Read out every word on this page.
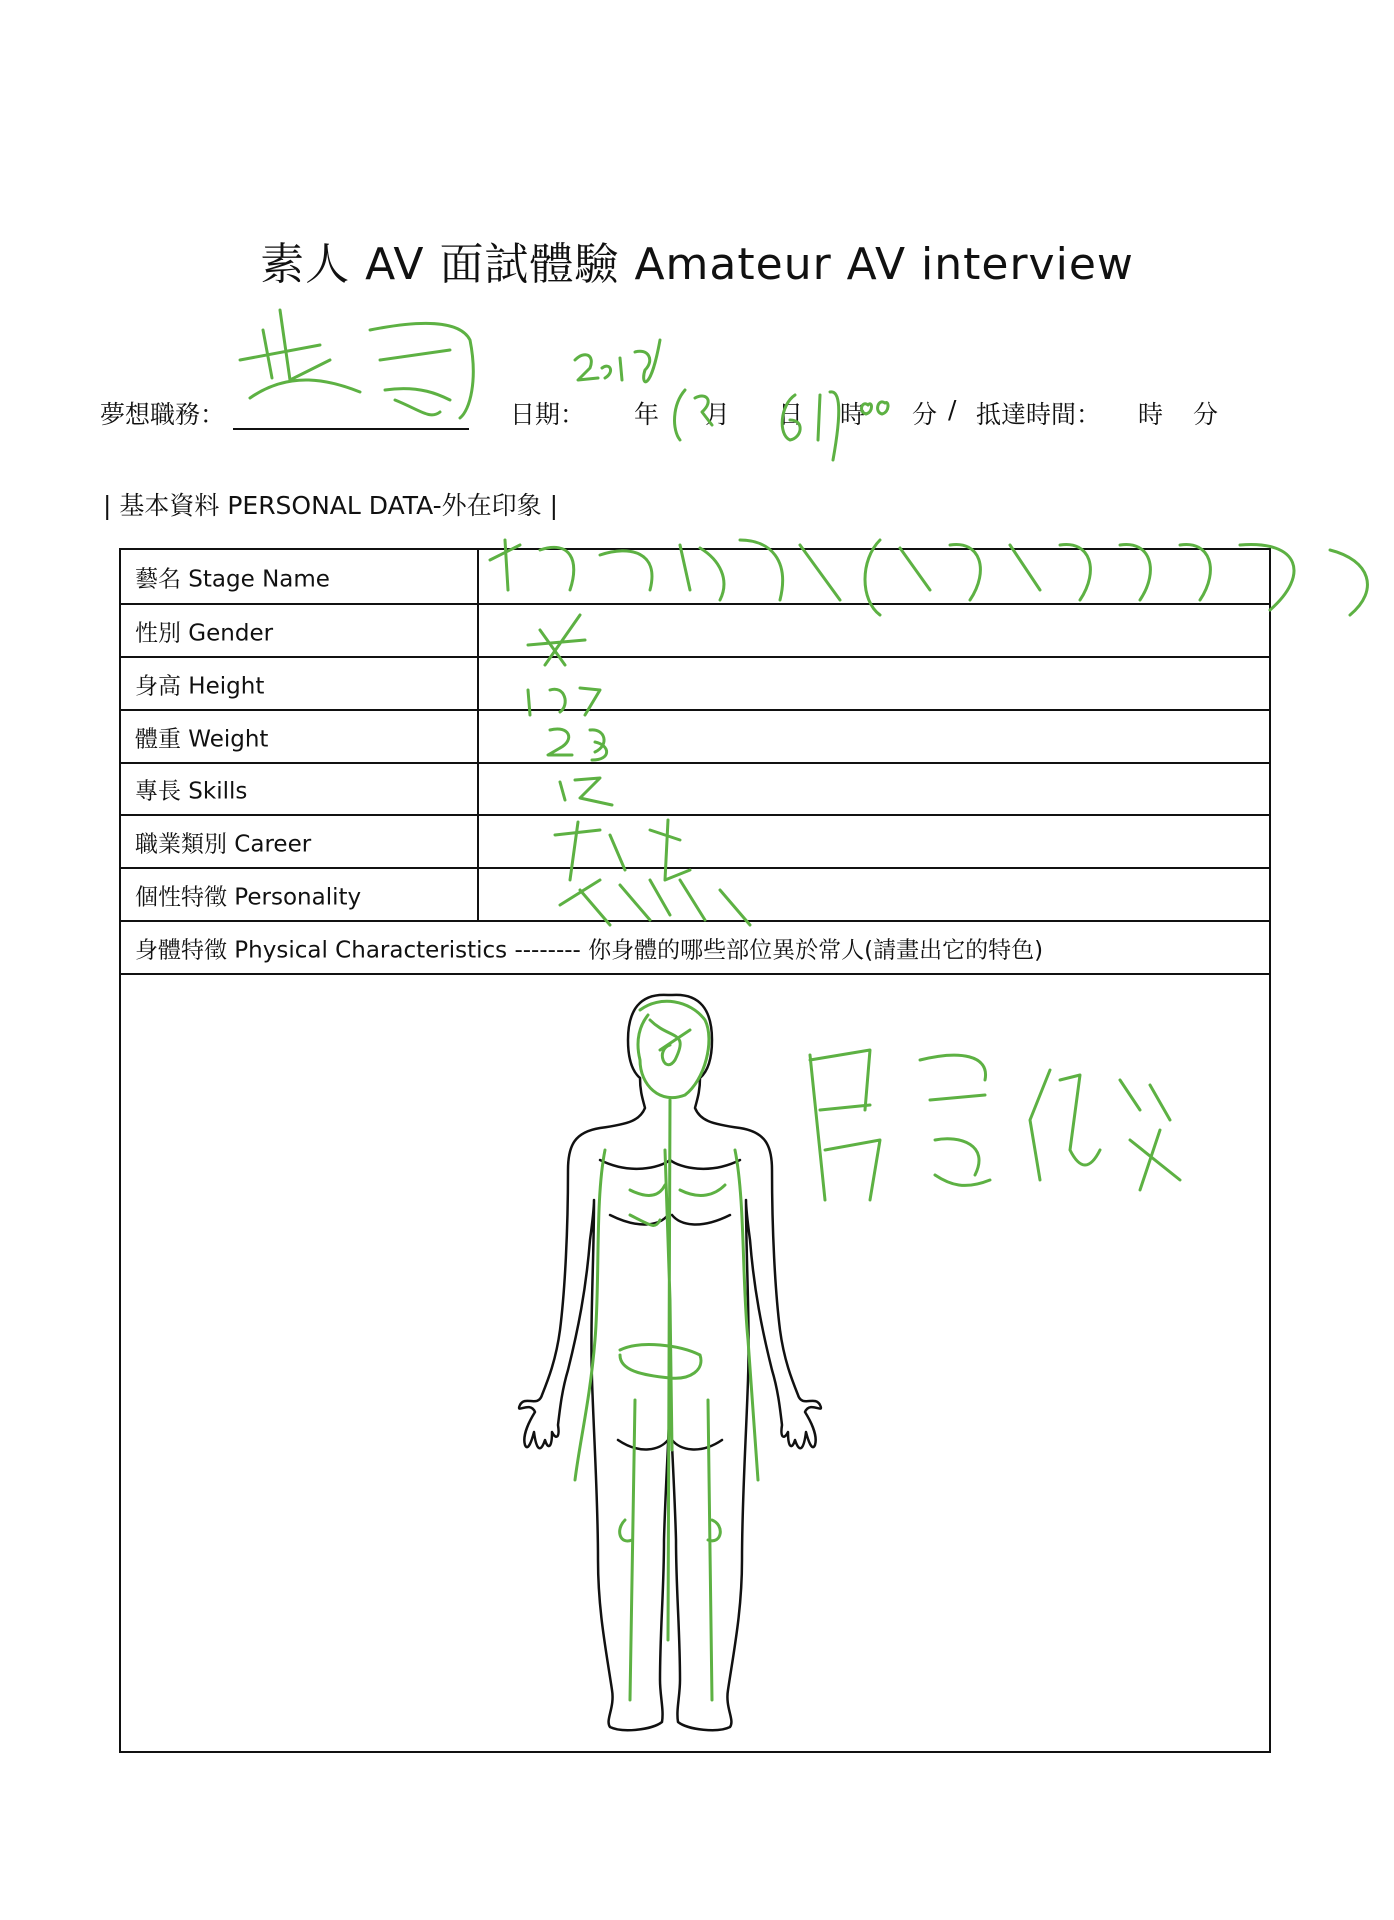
素人 AV 面試體驗 Amateur AV interview
夢想職務：	日期： 年 月 日 時 分 / 抵達時間： 時 分
| 基本資料 PERSONAL DATA-外在印象 |
藝名 Stage Name
性別 Gender
身高 Height
體重 Weight
專長 Skills
職業類別 Career
個性特徵 Personality
身體特徵 Physical Characteristics -------- 你身體的哪些部位異於常人(請畫出它的特色)
